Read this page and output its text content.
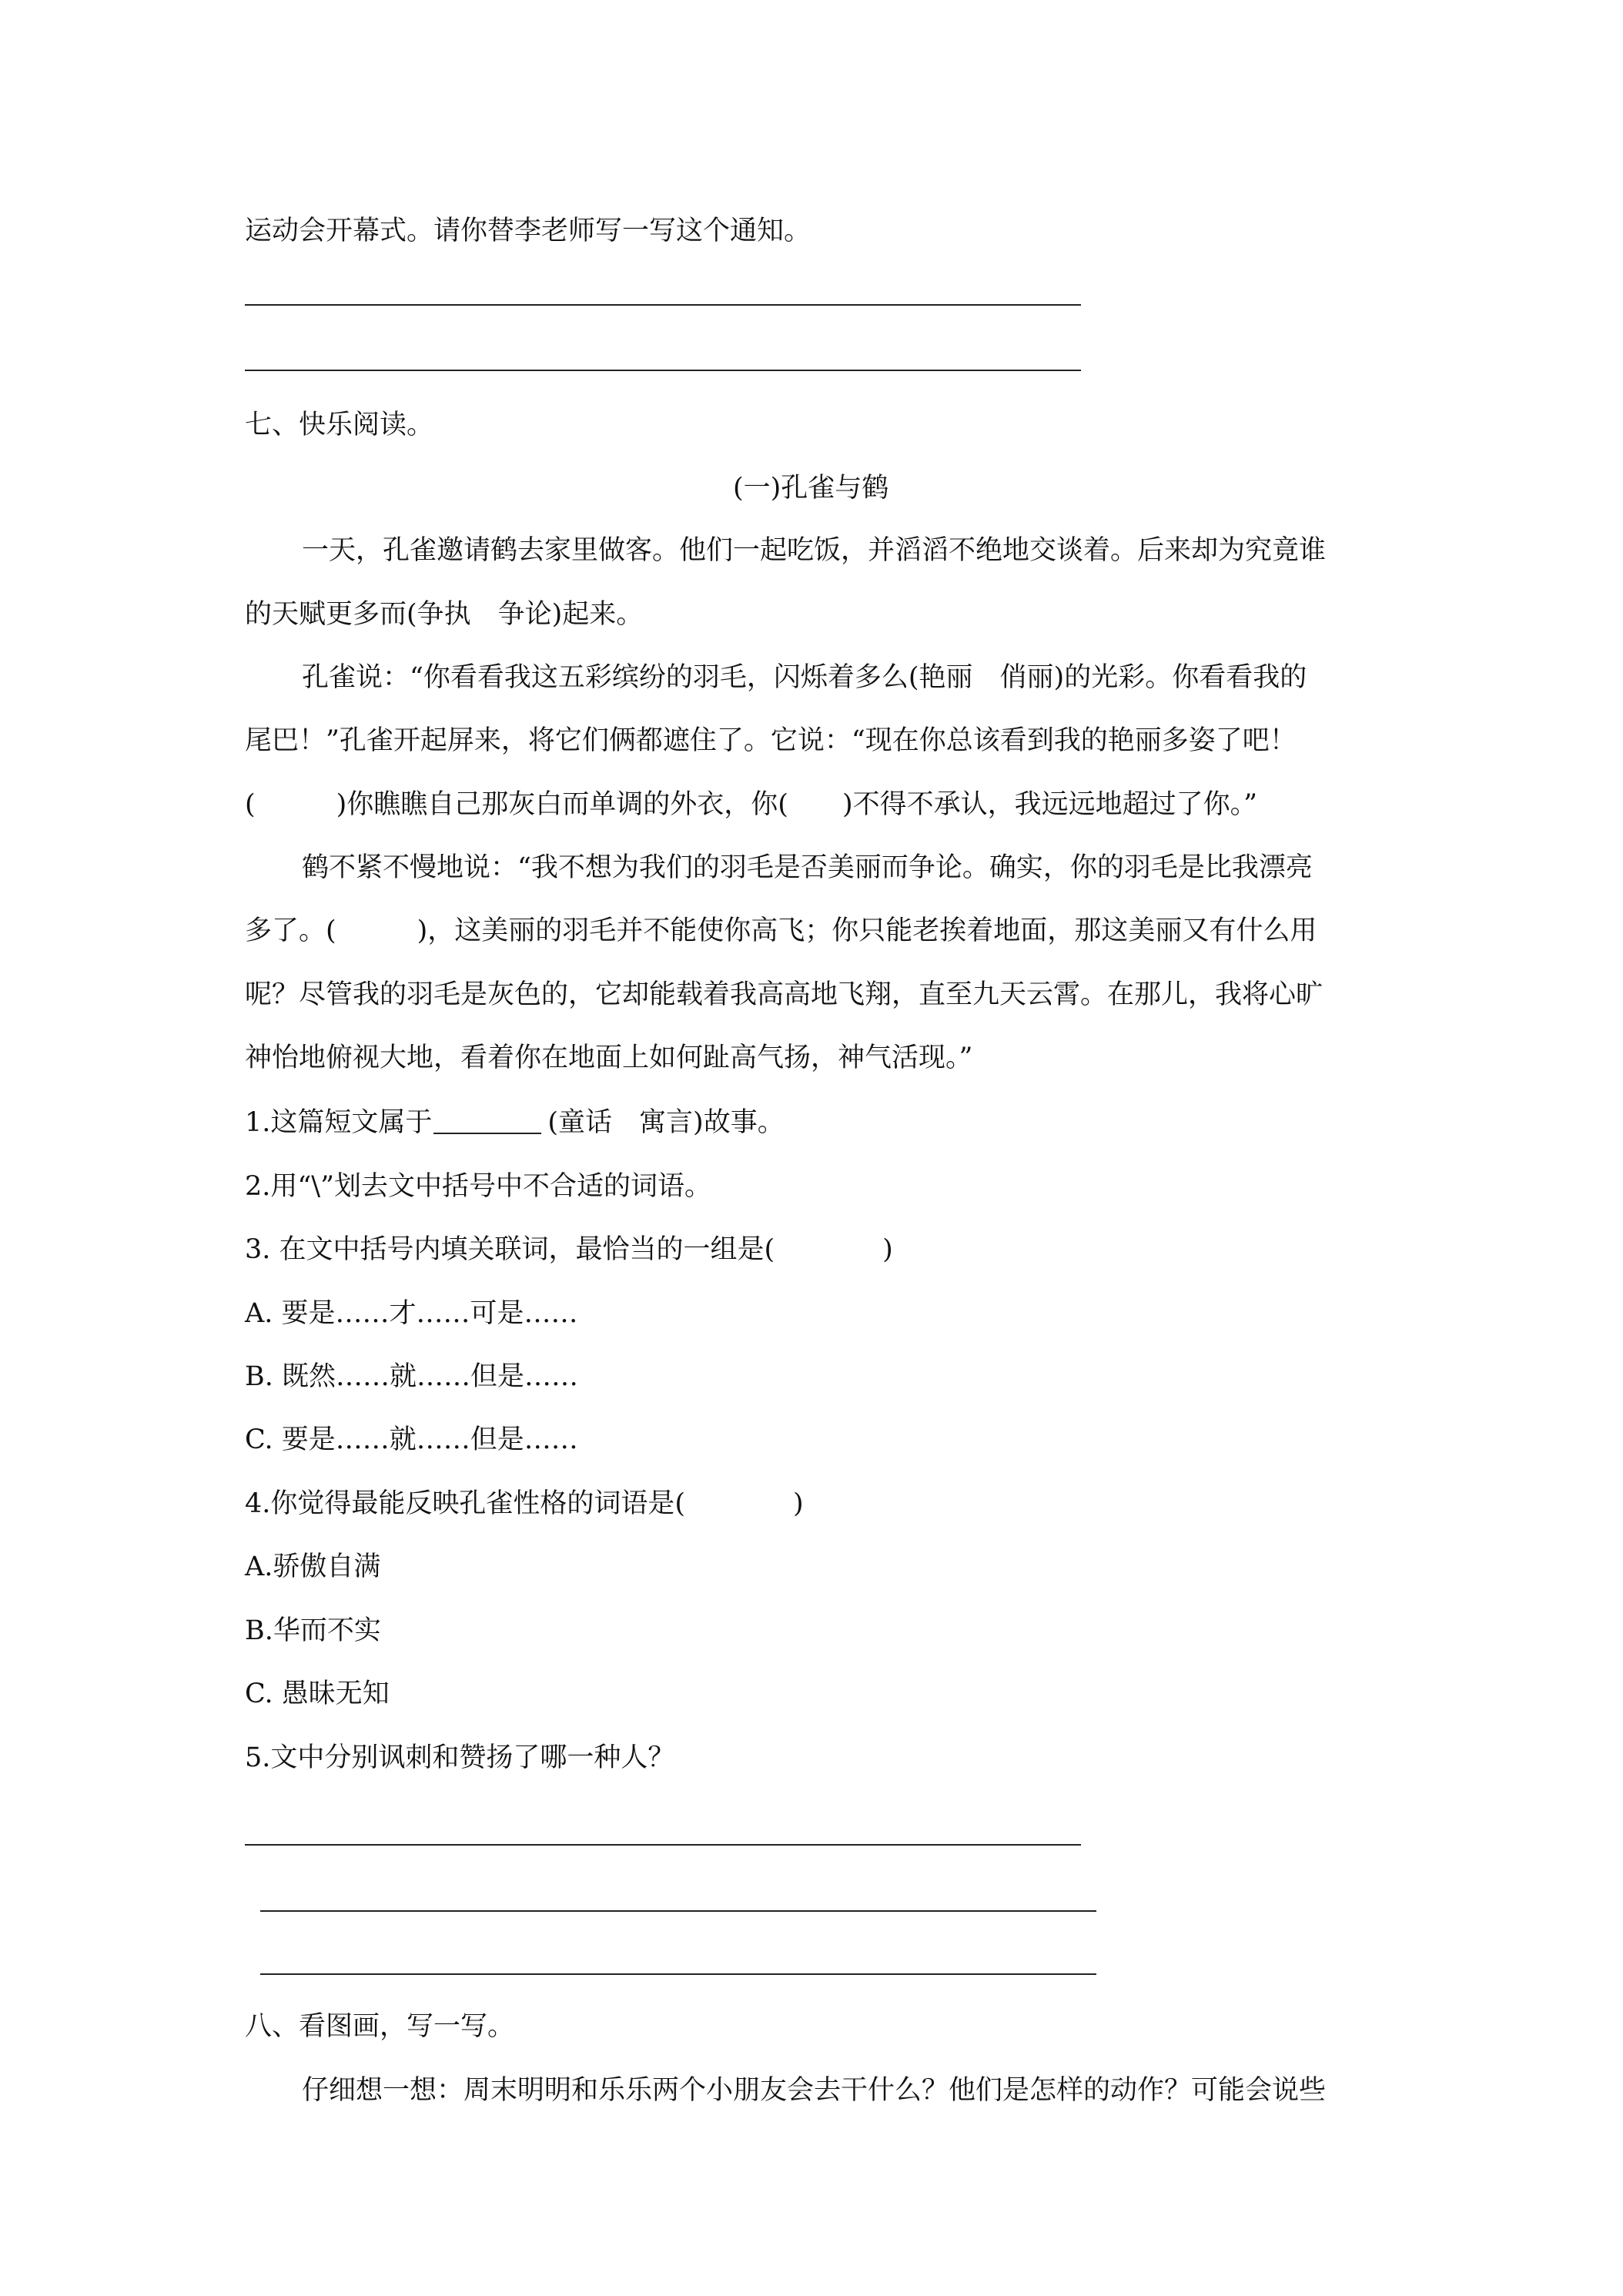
运动会开幕式。请你替李老师写一写这个通知。
七、快乐阅读。
(一)孔雀与鹤
一天，孔雀邀请鹤去家里做客。他们一起吃饭，并滔滔不绝地交谈着。后来却为究竟谁
的天赋更多而(争执　争论)起来。
孔雀说：“你看看我这五彩缤纷的羽毛，闪烁着多么(艳丽　俏丽)的光彩。你看看我的
尾巴！”孔雀开起屏来，将它们俩都遮住了。它说：“现在你总该看到我的艳丽多姿了吧！
(　　　)你瞧瞧自己那灰白而单调的外衣，你(　　)不得不承认，我远远地超过了你。”
鹤不紧不慢地说：“我不想为我们的羽毛是否美丽而争论。确实，你的羽毛是比我漂亮
多了。(　　　)，这美丽的羽毛并不能使你高飞；你只能老挨着地面，那这美丽又有什么用
呢？尽管我的羽毛是灰色的，它却能载着我高高地飞翔，直至九天云霄。在那儿，我将心旷
神怡地俯视大地，看着你在地面上如何趾高气扬，神气活现。”
1.这篇短文属于	(童话　寓言)故事。
2.用“\”划去文中括号中不合适的词语。
3. 在文中括号内填关联词，最恰当的一组是(　　　　)
A. 要是……才……可是……
B. 既然……就……但是……
C. 要是……就……但是……
4.你觉得最能反映孔雀性格的词语是(　　　　)
A.骄傲自满
B.华而不实
C. 愚昧无知
5.文中分别讽刺和赞扬了哪一种人？
八、看图画，写一写。
仔细想一想：周末明明和乐乐两个小朋友会去干什么？他们是怎样的动作？可能会说些
